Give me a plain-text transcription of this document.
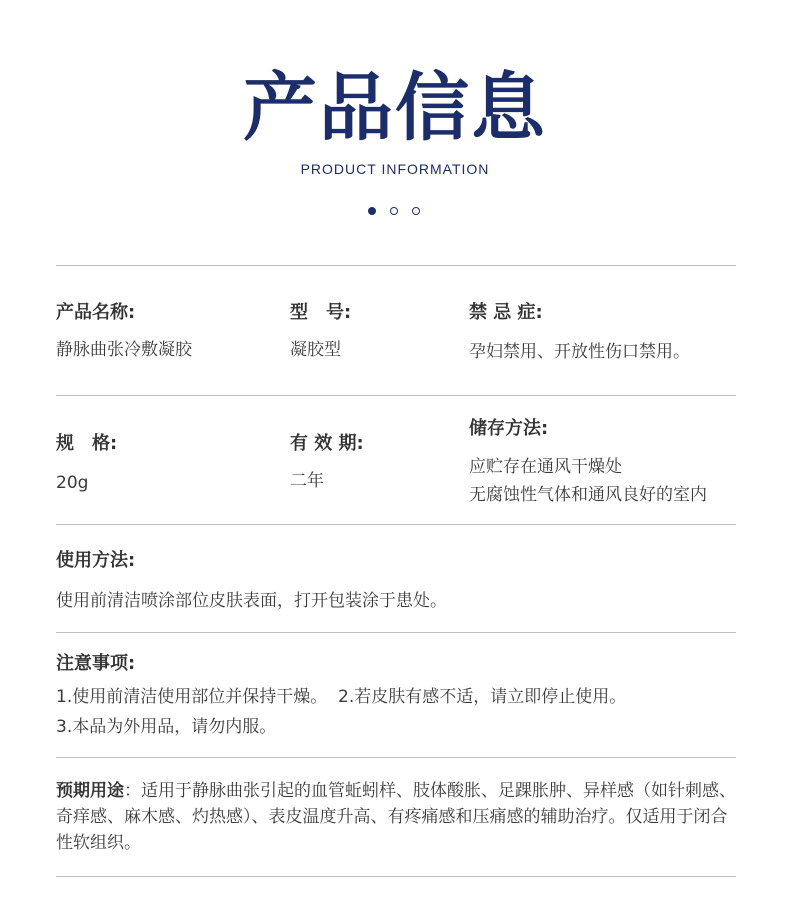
产品信息
PRODUCT INFORMATION
产品名称:
静脉曲张冷敷凝胶
型　号:
凝胶型
禁 忌 症:
孕妇禁用、开放性伤口禁用。
规　格:
20g
有 效 期:
二年
储存方法:
应贮存在通风干燥处
无腐蚀性气体和通风良好的室内
使用方法:
使用前清洁喷涂部位皮肤表面，打开包装涂于患处。
注意事项:
1.使用前清洁使用部位并保持干燥。  2.若皮肤有感不适，请立即停止使用。
3.本品为外用品，请勿内服。
预期用途：适用于静脉曲张引起的血管蚯蚓样、肢体酸胀、足踝胀肿、异样感（如针刺感、奇痒感、麻木感、灼热感）、表皮温度升高、有疼痛感和压痛感的辅助治疗。仅适用于闭合性软组织。
